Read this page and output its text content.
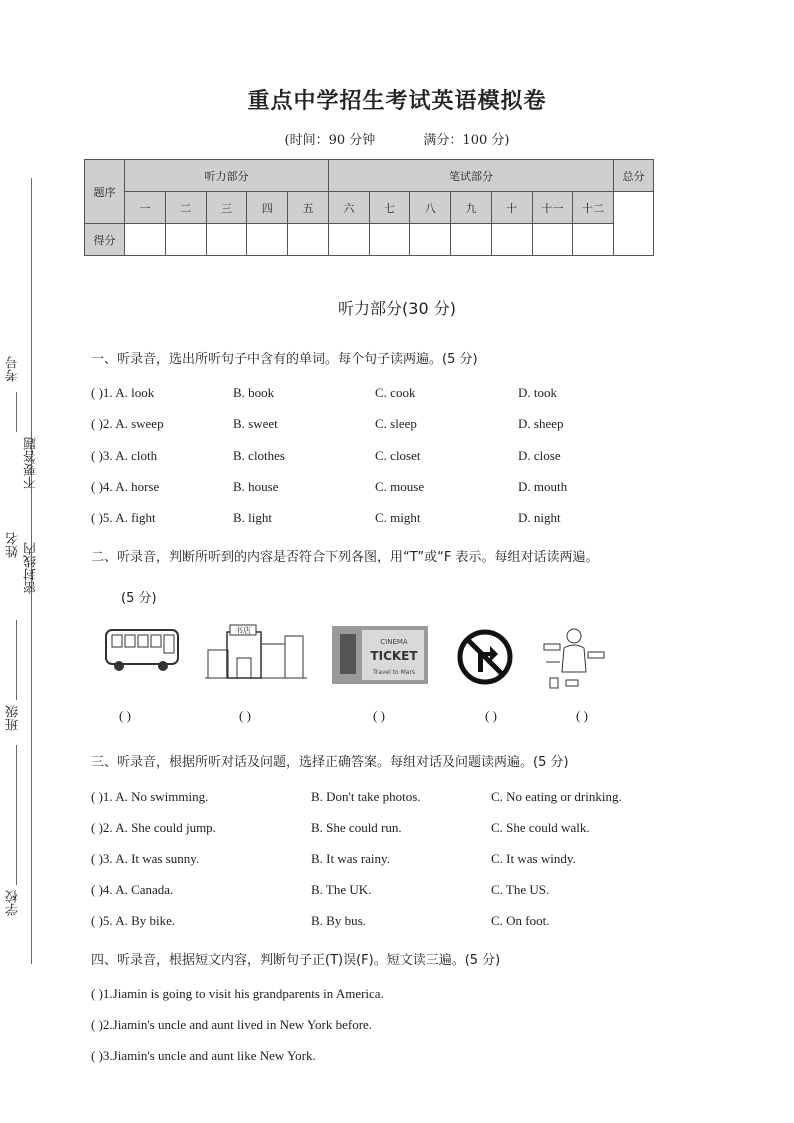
重点中学招生考试英语模拟卷
(时间：90 分钟	满分：100 分)
题序	听力部分					笔试部分							总分
	一	二	三	四	五	六	七	八	九	十	十一	十二	
得分													
听力部分(30 分)
一、听录音，选出所听句子中含有的单词。每个句子读两遍。(5 分)
( )1. A. look	B. book	C. cook	D. took
( )2. A. sweep	B. sweet	C. sleep	D. sheep
( )3. A. cloth	B. clothes	C. closet	D. close
( )4. A. horse	B. house	C. mouse	D. mouth
( )5. A. fight	B. light	C. might	D. night
二、听录音，判断所听到的内容是否符合下列各图，用“T”或“F 表示。每组对话读两遍。
(5 分)
书店
CINEMA
TICKET
Travel to Mars
( )	( )	( )	( )	( )
三、听录音，根据所听对话及问题，选择正确答案。每组对话及问题读两遍。(5 分)
( )1. A. No swimming.	B. Don't take photos.	C. No eating or drinking.
( )2. A. She could jump.	B. She could run.	C. She could walk.
( )3. A. It was sunny.	B. It was rainy.	C. It was windy.
( )4. A. Canada.	B. The UK.	C. The US.
( )5. A. By bike.	B. By bus.	C. On foot.
四、听录音，根据短文内容，判断句子正(T)误(F)。短文读三遍。(5 分)
( )1.Jiamin is going to visit his grandparents in America.
( )2.Jiamin's uncle and aunt lived in New York before.
( )3.Jiamin's uncle and aunt like New York.
考号
不要答题
姓名 密封线内
班级
学校
